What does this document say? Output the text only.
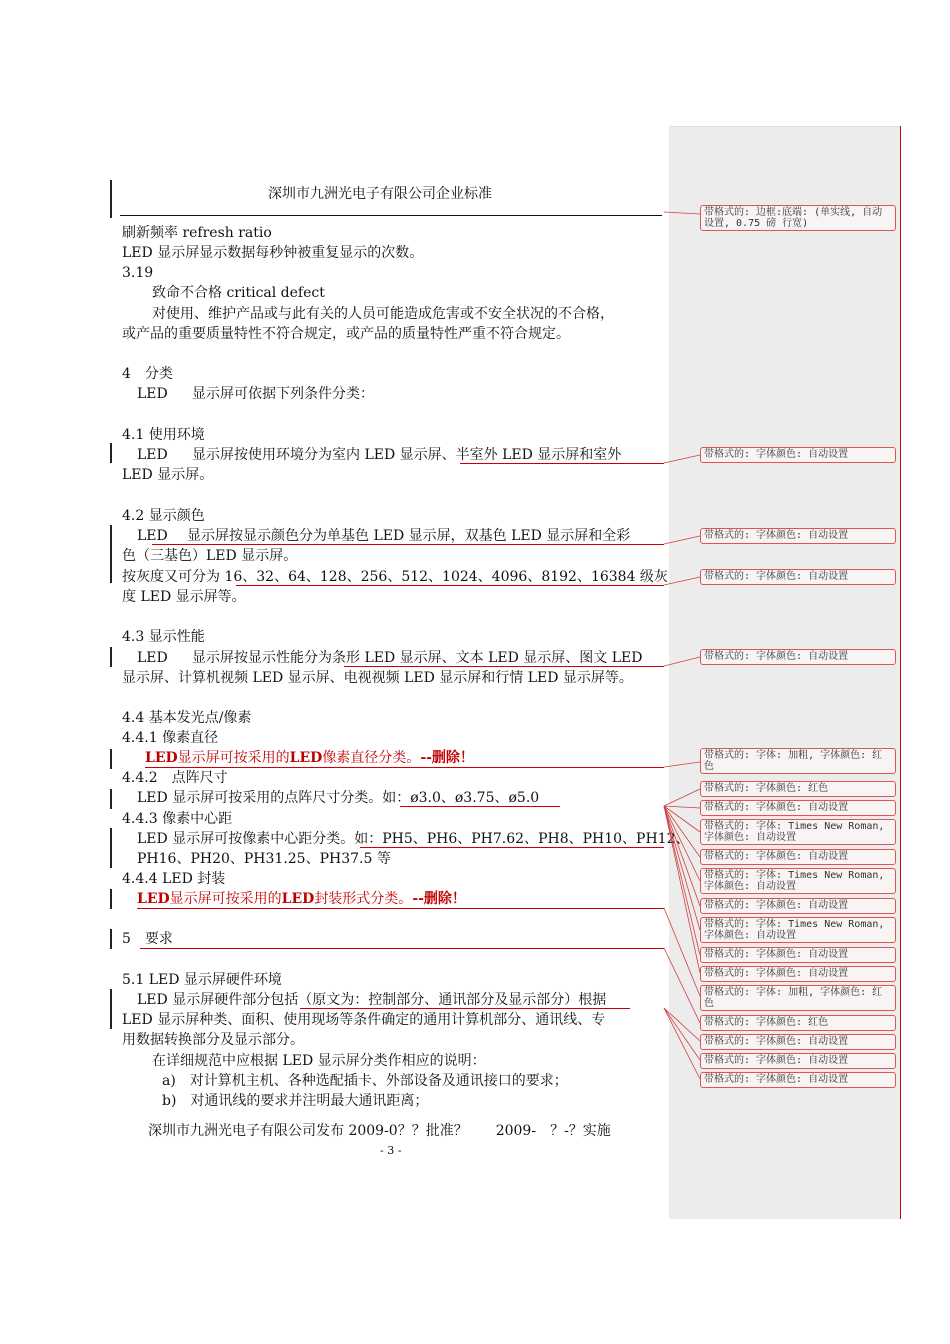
深圳市九洲光电子有限公司企业标准
刷新频率 refresh ratio
LED 显示屏显示数据每秒钟被重复显示的次数。
3.19
致命不合格 critical defect
对使用、维护产品或与此有关的人员可能造成危害或不安全状况的不合格，
或产品的重要质量特性不符合规定，或产品的质量特性严重不符合规定。
4　分类
LED 显示屏可依据下列条件分类：
4.1 使用环境
LED 显示屏按使用环境分为室内 LED 显示屏、半室外 LED 显示屏和室外
LED 显示屏。
4.2 显示颜色
LED 显示屏按显示颜色分为单基色 LED 显示屏，双基色 LED 显示屏和全彩
色（三基色）LED 显示屏。
按灰度又可分为 16、32、64、128、256、512、1024、4096、8192、16384 级灰
度 LED 显示屏等。
4.3 显示性能
LED 显示屏按显示性能分为条形 LED 显示屏、文本 LED 显示屏、图文 LED
显示屏、计算机视频 LED 显示屏、电视视频 LED 显示屏和行情 LED 显示屏等。
4.4 基本发光点/像素
4.4.1 像素直径
LED显示屏可按采用的LED像素直径分类。--删除！
4.4.2　点阵尺寸
LED 显示屏可按采用的点阵尺寸分类。如：ø3.0、ø3.75、ø5.0
4.4.3 像素中心距
LED 显示屏可按像素中心距分类。如：PH5、PH6、PH7.62、PH8、PH10、PH12、
PH16、PH20、PH31.25、PH37.5 等
4.4.4 LED 封装
LED显示屏可按采用的LED封装形式分类。--删除！
5　要求
5.1 LED 显示屏硬件环境
LED 显示屏硬件部分包括（原文为：控制部分、通讯部分及显示部分）根据
LED 显示屏种类、面积、使用现场等条件确定的通用计算机部分、通讯线、专
用数据转换部分及显示部分。
在详细规范中应根据 LED 显示屏分类作相应的说明：
a)　对计算机主机、各种选配插卡、外部设备及通讯接口的要求；
b)　对通讯线的要求并注明最大通讯距离；
深圳市九洲光电子有限公司发布 2009-0？？批准？　　2009-　？-？实施
- 3 -
带格式的: 边框:底端: (单实线, 自动设置, 0.75 磅 行宽)
带格式的: 字体颜色: 自动设置
带格式的: 字体颜色: 自动设置
带格式的: 字体颜色: 自动设置
带格式的: 字体颜色: 自动设置
带格式的: 字体: 加粗, 字体颜色: 红色
带格式的: 字体颜色: 红色
带格式的: 字体颜色: 自动设置
带格式的: 字体: Times New Roman, 字体颜色: 自动设置
带格式的: 字体颜色: 自动设置
带格式的: 字体: Times New Roman, 字体颜色: 自动设置
带格式的: 字体颜色: 自动设置
带格式的: 字体: Times New Roman, 字体颜色: 自动设置
带格式的: 字体颜色: 自动设置
带格式的: 字体颜色: 自动设置
带格式的: 字体: 加粗, 字体颜色: 红色
带格式的: 字体颜色: 红色
带格式的: 字体颜色: 自动设置
带格式的: 字体颜色: 自动设置
带格式的: 字体颜色: 自动设置
